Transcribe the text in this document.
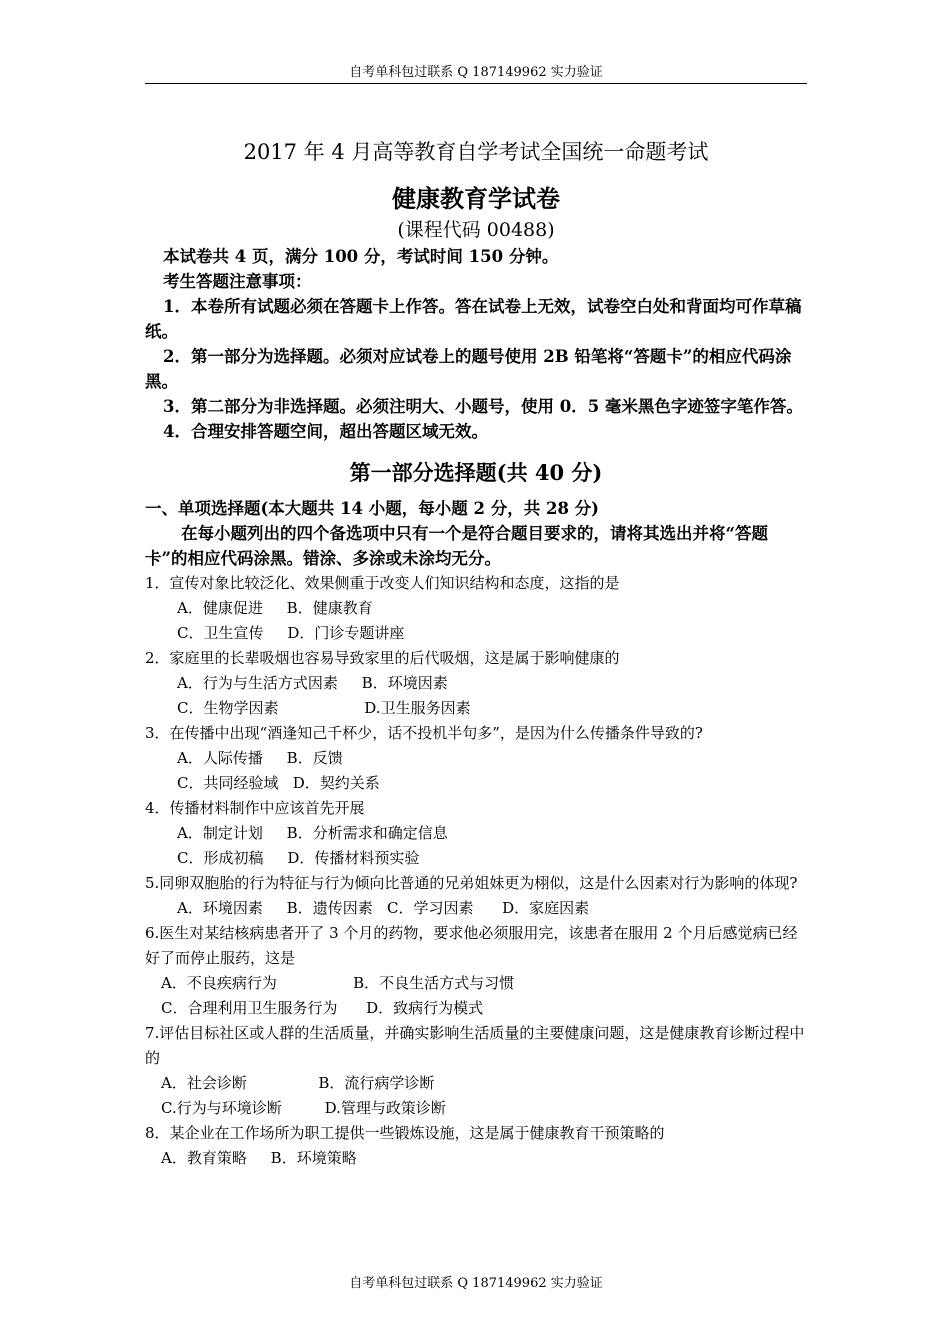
自考单科包过联系 Q 187149962 实力验证
2017 年 4 月高等教育自学考试全国统一命题考试
健康教育学试卷
(课程代码 00488)
本试卷共 4 页，满分 100 分，考试时间 150 分钟。
考生答题注意事项：
1．本卷所有试题必须在答题卡上作答。答在试卷上无效，试卷空白处和背面均可作草稿纸。
2．第一部分为选择题。必须对应试卷上的题号使用 2B 铅笔将“答题卡”的相应代码涂黑。
3．第二部分为非选择题。必须注明大、小题号，使用 0．5 毫米黑色字迹签字笔作答。
4．合理安排答题空间，超出答题区域无效。
第一部分选择题(共 40 分)
一、单项选择题(本大题共 14 小题，每小题 2 分，共 28 分)
在每小题列出的四个备选项中只有一个是符合题目要求的，请将其选出并将“答题卡”的相应代码涂黑。错涂、多涂或未涂均无分。
1．宣传对象比较泛化、效果侧重于改变人们知识结构和态度，这指的是
A．健康促进     B．健康教育
C．卫生宣传     D．门诊专题讲座
2．家庭里的长辈吸烟也容易导致家里的后代吸烟，这是属于影响健康的
A．行为与生活方式因素     B．环境因素
C．生物学因素                  D.卫生服务因素
3．在传播中出现“酒逢知己千杯少，话不投机半句多”，是因为什么传播条件导致的?
A．人际传播     B．反馈
C．共同经验域   D．契约关系
4．传播材料制作中应该首先开展
A．制定计划     B．分析需求和确定信息
C．形成初稿     D．传播材料预实验
5.同卵双胞胎的行为特征与行为倾向比普通的兄弟姐妹更为栩似，这是什么因素对行为影响的体现?
A．环境因素     B．遗传因素   C．学习因素      D．家庭因素
6.医生对某结核病患者开了 3 个月的药物，要求他必须服用完，该患者在服用 2 个月后感觉病已经好了而停止服药，这是
A．不良疾病行为                B．不良生活方式与习惯
C．合理利用卫生服务行为      D．致病行为模式
7.评估目标社区或人群的生活质量，并确实影响生活质量的主要健康问题，这是健康教育诊断过程中的
A．社会诊断               B．流行病学诊断
C.行为与环境诊断         D.管理与政策诊断
8．某企业在工作场所为职工提供一些锻炼设施，这是属于健康教育干预策略的
A．教育策略     B．环境策略
自考单科包过联系 Q 187149962 实力验证
